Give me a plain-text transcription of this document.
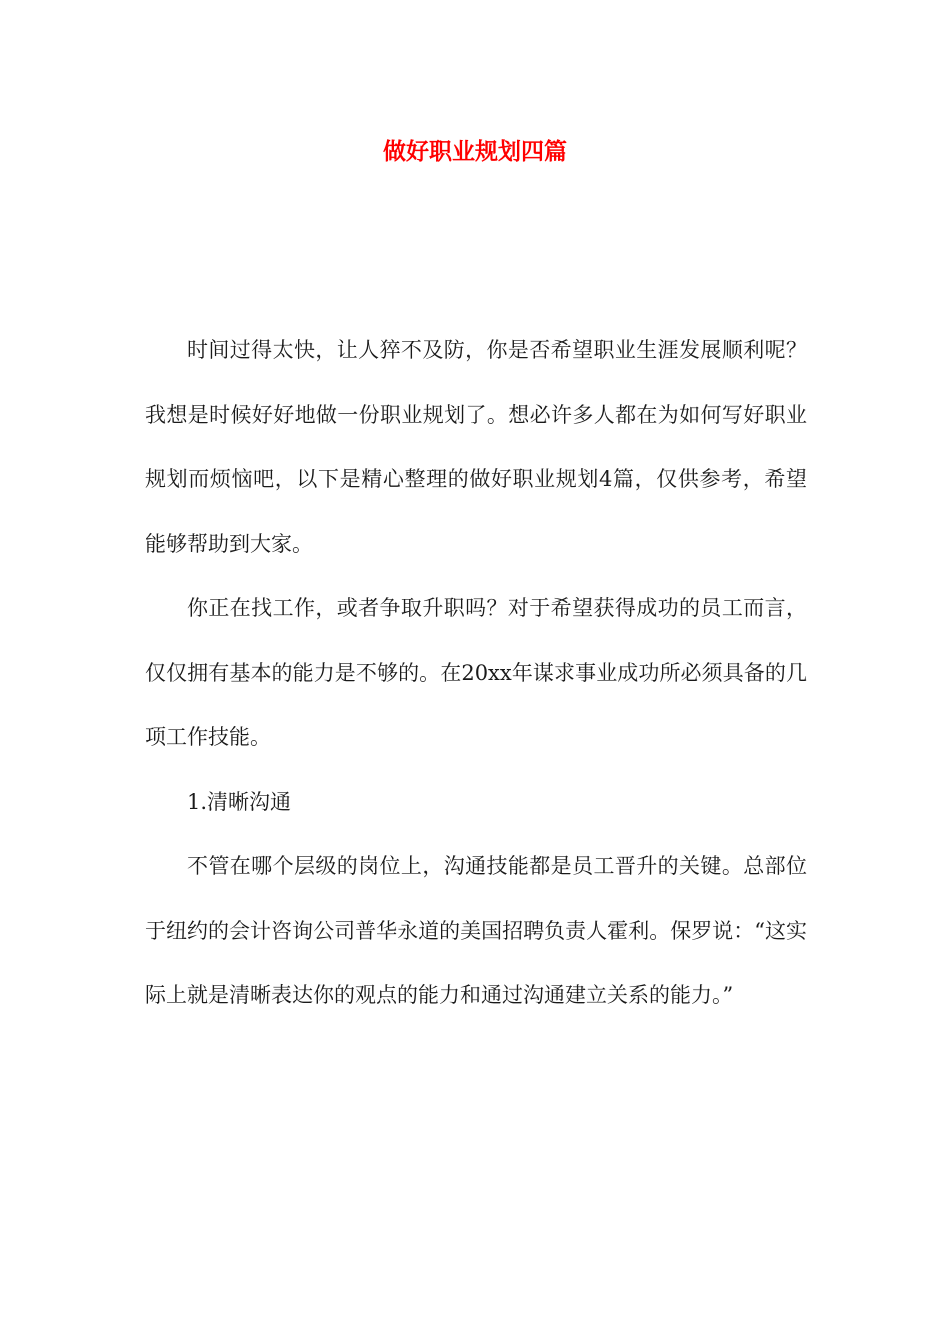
做好职业规划四篇

时间过得太快，让人猝不及防，你是否希望职业生涯发展顺利呢？我想是时候好好地做一份职业规划了。想必许多人都在为如何写好职业规划而烦恼吧，以下是精心整理的做好职业规划4篇，仅供参考，希望能够帮助到大家。

你正在找工作，或者争取升职吗？对于希望获得成功的员工而言，仅仅拥有基本的能力是不够的。在20xx年谋求事业成功所必须具备的几项工作技能。

1.清晰沟通

不管在哪个层级的岗位上，沟通技能都是员工晋升的关键。总部位于纽约的会计咨询公司普华永道的美国招聘负责人霍利。保罗说：“这实际上就是清晰表达你的观点的能力和通过沟通建立关系的能力。”
